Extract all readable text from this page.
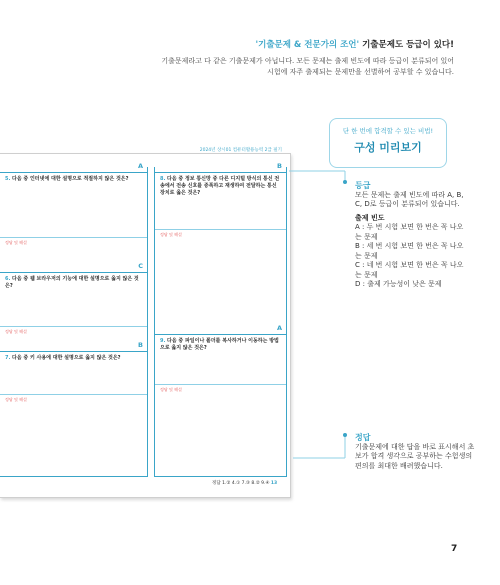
'기출문제 & 전문가의 조언' 기출문제도 등급이 있다!
기출문제라고 다 같은 기출문제가 아닙니다. 모든 문제는 출제 빈도에 따라 등급이 분류되어 있어
시험에 자주 출제되는 문제만을 선별하여 공부할 수 있습니다.
2024년 상시01 컴퓨터활용능력 2급 필기
A
5. 다음 중 인터넷에 대한 설명으로 적절하지 않은 것은?
정답 및 해설
C
6. 다음 중 웹 브라우저의 기능에 대한 설명으로 옳지 않은 것은?
정답 및 해설
B
7. 다음 중 키 사용에 대한 설명으로 옳지 않은 것은?
정답 및 해설
B
8. 다음 중 정보 통신망 중 다른 디지털 방식의 통신 전송에서 전송 신호를 증폭하고 재생하여 전달하는 통신 장치로 옳은 것은?
정답 및 해설
A
9. 다음 중 파일이나 폴더를 복사하거나 이동하는 방법으로 옳지 않은 것은?
정답 및 해설
정답 1.② 4.① 7.③ 8.② 9.④ 13
단 한 번에 합격할 수 있는 비법!
구성 미리보기
등급
모든 문제는 출제 빈도에 따라 A, B, C, D로 등급이 분류되어 있습니다.
출제 빈도
A : 두 번 시험 보면 한 번은 꼭 나오는 문제
B : 세 번 시험 보면 한 번은 꼭 나오는 문제
C : 네 번 시험 보면 한 번은 꼭 나오는 문제
D : 출제 가능성이 낮은 문제
정답
기출문제에 대한 답을 바로 표시해서 초보가 합격 생각으로 공부하는 수험생의 편의를 최대한 배려했습니다.
7
